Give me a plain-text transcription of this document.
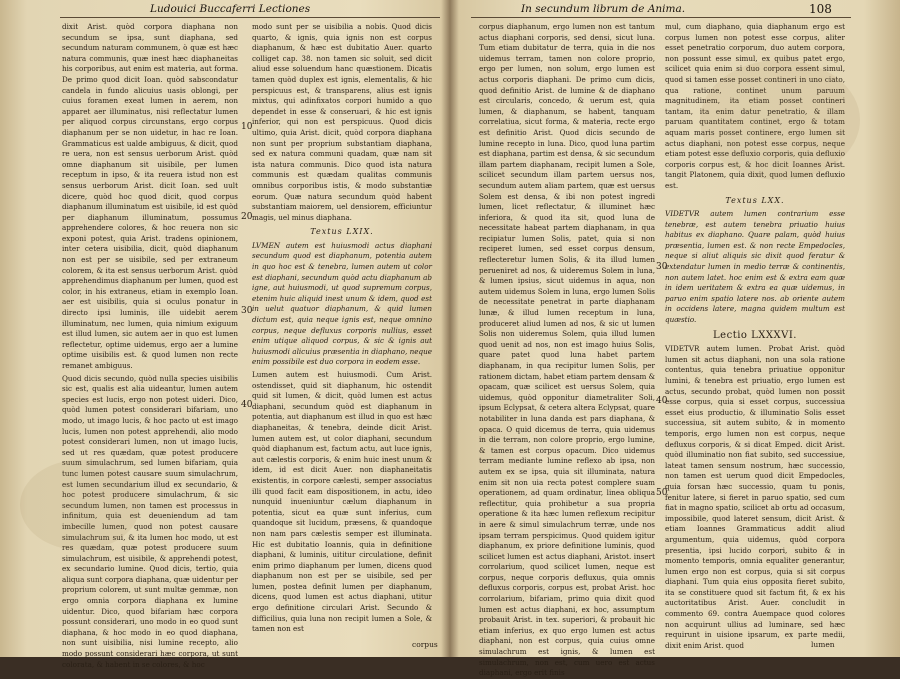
Ludouici Buccaferri Lectiones

dixit Arist. quòd corpora diaphana non secundum se ipsa, sunt diaphana, sed secundum naturam communem, ò quæ est hæc natura communis, quæ inest hæc diaphaneitas his corporibus, aut enim est materia, aut forma. De primo quod dicit Ioan. quòd sabscondatur candela in fundo alicuius uasis oblongi, per cuius foramen exeat lumen in aerem, non apparet aer illuminatus, nisi reflectatur lumen per aliquod corpus circunstans, ergo corpus diaphanum per se non uidetur, in hac re Ioan. Grammaticus est ualde ambiguus, & dicit, quod re uera, non est sensus uerborum Arist. quòd omne diaphanum sit uisibile, per lumen receptum in ipso, & ita reuera istud non est sensus uerborum Arist. dicit Ioan. sed uult dicere, quòd hoc quod dicit, quod corpus diaphanum illuminatum est uisibile, id est quòd per diaphanum illuminatum, possumus apprehendere colores, & hoc reuera non sic exponi potest, quia Arist. tradens opinionem, inter cetera uisibilia, dicit, quòd diaphanum non est per se uisibile, sed per extraneum colorem, & ita est sensus uerborum Arist. quòd apprehendimus diaphanum per lumen, quod est color, in his extraneus, etiam in exemplo Ioan. aer est uisibilis, quia si oculus ponatur in directo ipsi luminis, ille uidebit aerem illuminatum, nec lumen, quia nimium exiguum est illud lumen, sic autem aer in quo est lumen reflectetur, optime uidemus, ergo aer a lumine optime uisibilis est. & quod lumen non recte remanet ambiguus.

Quod dicis secundo, quòd nulla species uisibilis sic est, qualis est alia uideantur, lumen autem species est lucis, ergo non potest uideri. Dico, quòd lumen potest considerari bifariam, uno modo, ut imago lucis, & hoc pacto ut est imago lucis, lumen non potest apprehendi, alio modo potest considerari lumen, non ut imago lucis, sed ut res quædam, quæ potest producere suum simulachrum, sed lumen bifariam, quia tunc lumen potest causare suum simulachrum, est lumen secundarium illud ex secundario, & hoc potest producere simulachrum, & sic secundum lumen, non tamen est processus in infinitum, quia est deueniendum ad tam imbecille lumen, quod non potest causare simulachrum sui, & ita lumen hoc modo, ut est res quædam, quæ potest producere suum simulachrum, est uisibile, & apprehendi potest, ex secundario lumine. Quod dicis, tertio, quia aliqua sunt corpora diaphana, quæ uidentur per proprium colorem, ut sunt multæ gemmæ, non ergo omnia corpora diaphana ex lumine uidentur. Dico, quod bifariam hæc corpora possunt considerari, uno modo in eo quod sunt diaphana, & hoc modo in eo quod diaphana, non sunt uisibilia, nisi lumine recepto, alio modo possunt considerari hæc corpora, ut sunt colorata, & habent in se colores, & hoc

modo sunt per se uisibilia a nobis. Quod dicis quarto, & ignis, quia ignis non est corpus diaphanum, & hæc est dubitatio Auer. quarto colliget cap. 38. non tamen sic soluit, sed dicit aliud esse soluendum hanc quæstionem. Dicatis tamen quòd duplex est ignis, elementalis, & hic perspicuus est, & transparens, alius est ignis mixtus, qui adinfixatos corpori humido a quo dependet in esse & conseruari, & hic est ignis inferior, qui non est perspicuus. Quod dicis ultimo, quia Arist. dicit, quòd corpora diaphana non sunt per proprium substantiam diaphana, sed ex natura communi quadam, quæ nam sit ista natura communis. Dico quod ista natura communis est quædam qualitas communis omnibus corporibus istis, & modo substantiæ eorum. Quæ natura secundum quòd habent substantiam maiorem, uel densiorem, efficiuntur magis, uel minus diaphana.

Textus LXIX.

LVMEN autem est huiusmodi actus diaphani secundum quod est diaphanum, potentia autem in quo hoc est & tenebra, lumen autem ut color est diaphani, secundum quòd actu diaphanum ab igne, aut huiusmodi, ut quod supremum corpus, etenim huic aliquid inest unum & idem, quod est in uelut quatuor diaphanum, & quid lumen dictum est, quia neque ignis est, neque omnino corpus, neque defluxus corporis nullius, esset enim utique aliquod corpus, & sic & ignis aut huiusmodi alicuius præsentia in diaphano, neque enim possibile est duo corpora in eodem esse.

Lumen autem est huiusmodi. Cum Arist. ostendisset, quid sit diaphanum, hic ostendit quid sit lumen, & dicit, quòd lumen est actus diaphani, secundum quòd est diaphanum in potentia, aut diaphanum est illud in quo est hæc diaphaneitas, & tenebra, deinde dicit Arist. lumen autem est, ut color diaphani, secundum quòd diaphanum est, factum actu, aut luce ignis, aut cælestis corporis, & enim huic inest unum & idem, id est dicit Auer. non diaphaneitatis existentis, in corpore cælesti, semper associatus illi quod facit eam dispositionem, in actu, ideo nunquid inueniuntur cælum diaphanum in potentia, sicut ea quæ sunt inferius, cum quandoque sit lucidum, præsens, & quandoque non nam pars cælestis semper est illuminata. Hic est dubitatio Ioannis, quia in definitione diaphani, & luminis, uititur circulatione, definit enim primo diaphanum per lumen, dicens quod diaphanum non est per se uisibile, sed per lumen, postea definit lumen per diaphanum, dicens, quod lumen est actus diaphani, utitur ergo definitione circulari Arist. Secundo & difficilius, quia luna non recipit lumen a Sole, & tamen non est

10
20
30
40
corpus
In secundum librum de Anima.	108

corpus diaphanum, ergo lumen non est tantum actus diaphani corporis, sed densi, sicut luna. Tum etiam dubitatur de terra, quia in die nos uidemus terram, tamen non colore proprio, ergo per lumen, non solum, ergo lumen est actus corporis diaphani. De primo cum dicis, quod definitio Arist. de lumine & de diaphano est circularis, concedo, & uerum est, quia lumen, & diaphanum, se habent, tanquam correlatiua, sicut forma, & materia, recte ergo est definitio Arist. Quod dicis secundo de lumine recepto in luna. Dico, quod luna partim est diaphana, partim est densa, & sic secundum illam partem diaphanam, recipit lumen a Sole, scilicet secundum illam partem uersus nos, secundum autem aliam partem, quæ est uersus Solem est densa, & ibi non potest ingredi lumen, licet reflectatur, & illuminet hæc inferiora, & quod ita sit, quod luna de necessitate habeat partem diaphanam, in qua recipiatur lumen Solis, patet, quia si non reciperet lumen, sed esset corpus densum, reflecteretur lumen Solis, & ita illud lumen perueniret ad nos, & uideremus Solem in luna, & lumen ipsius, sicut uidemus in aqua, non autem uidemus Solem in luna, ergo lumen Solis de necessitate penetrat in parte diaphanam lunæ, & illud lumen receptum in luna, produceret aliud lumen ad nos, & sic ut lumen Solis non uideremus Solem, quia illud lumen quod uenit ad nos, non est imago huius Solis, quare patet quod luna habet partem diaphanam, in qua recipitur lumen Solis, per rationem dictam, habet etiam partem densam & opacam, quæ scilicet est uersus Solem, quia uidemus, quòd opponitur diametraliter Soli, ipsum Eclypsat, & cetera altera Eclypsat, quare notabiliter in luna danda est pars diaphana, & opaca. O quid dicemus de terra, quia uidemus in die terram, non colore proprio, ergo lumine, & tamen est corpus opacum. Dico uidemus terram mediante lumine reflexo ab ipsa, non autem ex se ipsa, quia sit illuminata, natura enim sit non uia recta potest complere suam operationem, ad quam ordinatur, linea obliqua reflectitur, quia prohibetur a sua propria operatione & ita hæc lumen reflexum recipitur in aere & simul simulachrum terræ, unde nos ipsam terram perspicimus. Quod quidem igitur diaphanum, ex priore definitione luminis, quod scilicet lumen est actus diaphani, Aristot. insert corrolarium, quod scilicet lumen, neque est corpus, neque corporis defluxus, quia omnis defluxus corporis, corpus est, probat Arist. hoc corrolarium, bifariam, primo quia dixit quod lumen est actus diaphani, ex hoc, assumptum probauit Arist. in tex. superiori, & probauit hic etiam inferius, ex quo ergo lumen est actus diaphani, non est corpus, quia cuius omne simulachrum est ignis, & lumen est simulachrum, non est, cum uero est actus diaphani, ergo erit finis

mul, cum diaphano, quia diaphanum ergo est corpus lumen non potest esse corpus, aliter esset penetratio corporum, duo autem corpora, non possunt esse simul, ex quibus patet ergo, scilicet quia enim si duo corpora essent simul, quod si tamen esse posset contineri in uno ciato, qua ratione, continet unum paruum magnitudinem, ita etiam posset contineri tantam, ita enim datur penetratio, & illam paruam quantitatem continet, ergo & totam aquam maris posset continere, ergo lumen sit actus diaphani, non potest esse corpus, neque etiam potest esse defluxio corporis, quia defluxio corporis corpus est, & hoc dicit Ioannes Arist. tangit Platonem, quia dixit, quod lumen defluxio est.

Textus LXX.

VIDETVR autem lumen contrarium esse tenebræ, est autem tenebra priuatio huius habitus ex diaphano. Quare palam, quòd huius præsentia, lumen est. & non recte Empedocles, neque si aliut aliquis sic dixit quod feratur & extendatur lumen in medio terræ & continentis, non autem latet. hoc enim est & extra eam quæ in idem ueritatem & extra ea quæ uidemus, in paruo enim spatio latere nos. ab oriente autem in occidens latere, magna quidem multum est quæstio.

Lectio LXXXVI.

VIDETVR autem lumen. Probat Arist. quòd lumen sit actus diaphani, non una sola ratione contentus, quia tenebra priuatiue opponitur lumini, & tenebra est priuatio, ergo lumen est actus, secundo probat, quòd lumen non possit esse corpus, quia si esset corpus, successiua esset eius productio, & illuminatio Solis esset successiua, sit autem subito, & in momento temporis, ergo lumen non est corpus, neque defluxus corporis, & si dicat Emped. dicit Arist. quòd illuminatio non fiat subito, sed successiue, lateat tamen sensum nostrum, hæc successio, non tamen est uerum quod dicit Empedocles, quia forsan hæc successio, quam tu ponis, fenitur latere, si fieret in paruo spatio, sed cum fiat in magno spatio, scilicet ab ortu ad occasum, impossibile, quod lateret sensum, dicit Arist. & etiam Ioannes Grammaticus addit aliud argumentum, quia uidemus, quòd corpora presentia, ipsi lucido corpori, subito & in momento temporis, omnia equaliter generantur, lumen ergo non est corpus, quia si sit corpus diaphani. Tum quia eius opposita fieret subito, ita se constituere quod sit factum fit, & ex his auctoritatibus Arist. Auer. concludit in commento 69. contra Auempace quod colores non acquirunt ullius ad luminare, sed hæc requirunt in uisione ipsarum, ex parte medii, dixit enim Arist. quod

30
40
50
lumen
